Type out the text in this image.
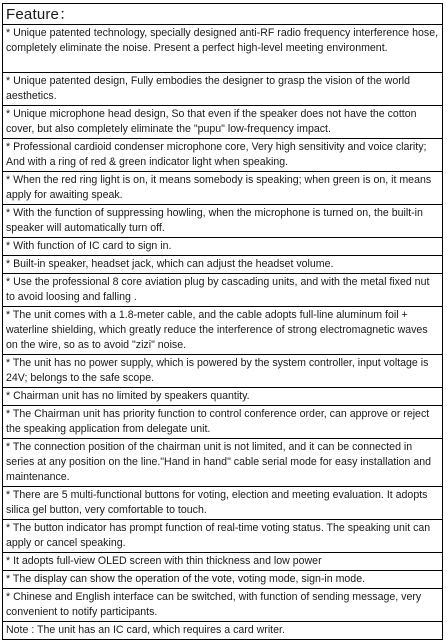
Feature：
* Unique patented technology, specially designed anti-RF radio frequency interference hose, completely eliminate the noise. Present a perfect high-level meeting environment.
* Unique patented design, Fully embodies the designer to grasp the vision of the world aesthetics.
* Unique microphone head design, So that even if the speaker does not have the cotton cover, but also completely eliminate the "pupu" low-frequency impact.
* Professional cardioid condenser microphone core, Very high sensitivity and voice clarity; And with a ring of red & green indicator light when speaking.
* When the red ring light is on, it means somebody is speaking; when green is on, it means apply for awaiting speak.
* With the function of suppressing howling, when the microphone is turned on, the built-in speaker will automatically turn off.
* With function of IC card to sign in.
* Built-in speaker, headset jack, which can adjust the headset volume.
* Use the professional 8 core aviation plug by cascading units, and with the metal fixed nut to avoid loosing and falling .
* The unit comes with a 1.8-meter cable, and the cable adopts full-line aluminum foil + waterline shielding, which greatly reduce the interference of strong electromagnetic waves on the wire, so as to avoid "zizi" noise.
* The unit has no power supply, which is powered by the system controller, input voltage is 24V; belongs to the safe scope.
* Chairman unit has no limited by speakers quantity.
* The Chairman unit has priority function to control conference order, can approve or reject the speaking application from delegate unit.
* The connection position of the chairman unit is not limited, and it can be connected in series at any position on the line."Hand in hand" cable serial mode for easy installation and maintenance.
* There are 5 multi-functional buttons for voting, election and meeting evaluation. It adopts silica gel button, very comfortable to touch.
* The button indicator has prompt function of real-time voting status. The speaking unit can apply or cancel speaking.
* It adopts full-view OLED screen with thin thickness and low power
* The display can show the operation of the vote, voting mode, sign-in mode.
* Chinese and English interface can be switched, with function of sending message, very convenient to notify participants.
Note : The unit has an IC card, which requires a card writer.
